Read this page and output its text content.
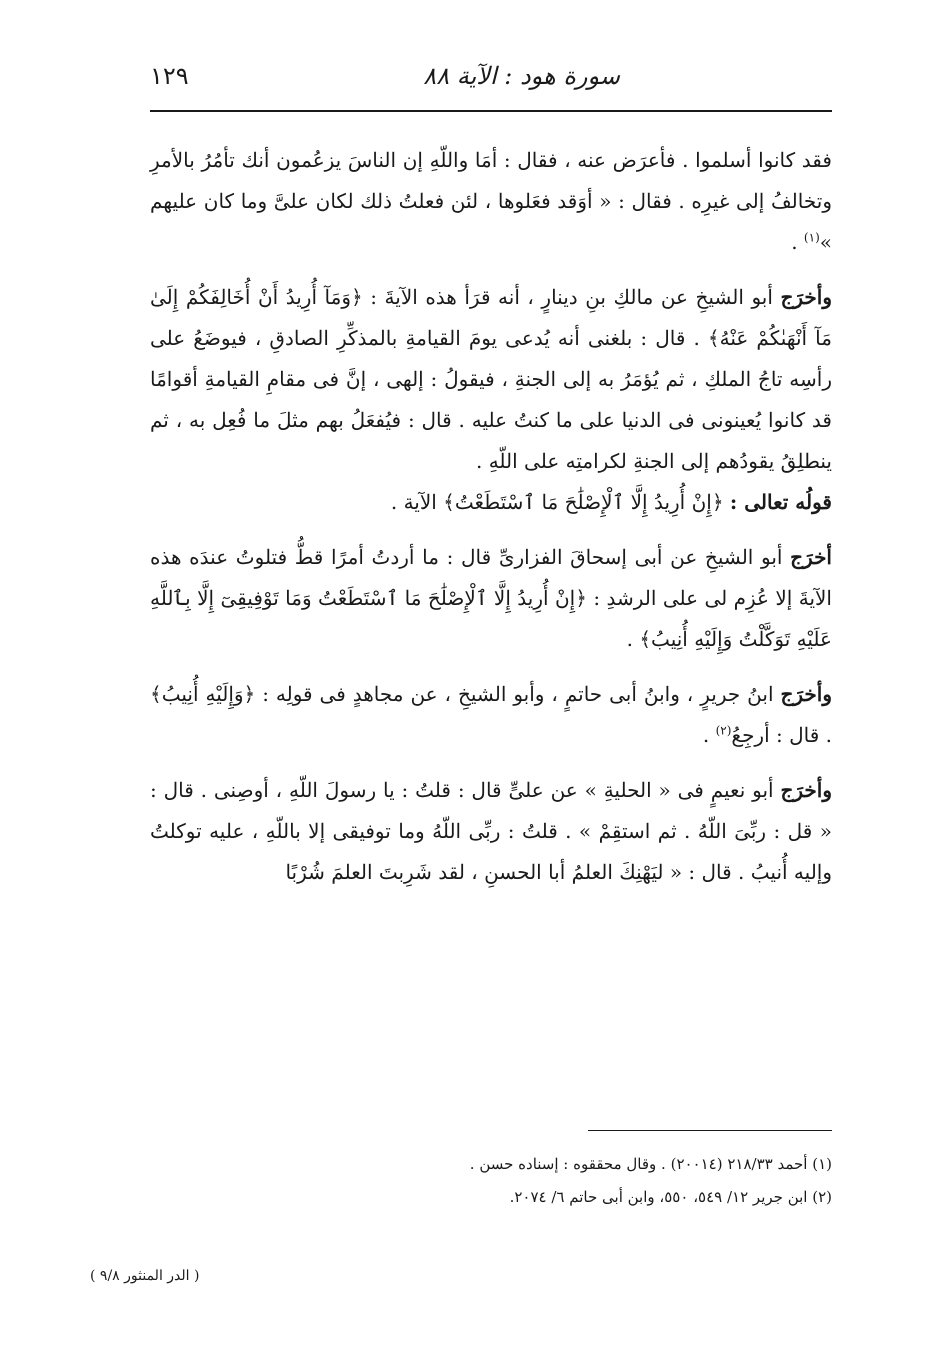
سورة هود : الآية ٨٨
١٢٩
فقد كانوا أسلموا . فأعرَض عنه ، فقال : أمَا واللّهِ إن الناسَ يزعُمون أنك تأمُرُ بالأمرِ وتخالفُ إلى غيرِه . فقال : « أوَقد فعَلوها ، لئن فعلتُ ذلك لكان علىَّ وما كان عليهم »$^{(١)}$ .
وأخرَج أبو الشيخِ عن مالكِ بنِ دينارٍ ، أنه قرَأ هذه الآيةَ : ﴿وَمَآ أُرِيدُ أَنْ أُخَالِفَكُمْ إِلَىٰ مَآ أَنْهَىٰكُمْ عَنْهُ﴾ . قال : بلغنى أنه يُدعى يومَ القيامةِ بالمذكِّرِ الصادقِ ، فيوضَعُ على رأسِه تاجُ الملكِ ، ثم يُؤمَرُ به إلى الجنةِ ، فيقولُ : إلهى ، إنَّ فى مقامِ القيامةِ أقوامًا قد كانوا يُعينونى فى الدنيا على ما كنتُ عليه . قال : فيُفعَلُ بهم مثلَ ما فُعِل به ، ثم ينطلِقُ يقودُهم إلى الجنةِ لكرامتِه على اللّهِ .
قولُه تعالى : ﴿إِنْ أُرِيدُ إِلَّا ٱلْإِصْلَٰحَ مَا ٱسْتَطَعْتُ﴾ الآية .
أخرَج أبو الشيخِ عن أبى إسحاقَ الفزارىِّ قال : ما أردتُ أمرًا قطُّ فتلوتُ عندَه هذه الآيةَ إلا عُزِم لى على الرشدِ : ﴿إِنْ أُرِيدُ إِلَّا ٱلْإِصْلَٰحَ مَا ٱسْتَطَعْتُ وَمَا تَوْفِيقِىٓ إِلَّا بِٱللَّهِ عَلَيْهِ تَوَكَّلْتُ وَإِلَيْهِ أُنِيبُ﴾ .
وأخرَج ابنُ جريرٍ ، وابنُ أبى حاتمٍ ، وأبو الشيخِ ، عن مجاهدٍ فى قولِه : ﴿وَإِلَيْهِ أُنِيبُ﴾ . قال : أرجِعُ$^{(٢)}$ .
وأخرَج أبو نعيمٍ فى « الحليةِ » عن علىٍّ قال : قلتُ : يا رسولَ اللّهِ ، أوصِنى . قال : « قل : ربِّىَ اللّهُ . ثم استقِمْ » . قلتُ : ربِّى اللّهُ وما توفيقى إلا باللّهِ ، عليه توكلتُ وإليه أُنيبُ . قال : « ليَهْنِكَ العلمُ أبا الحسنِ ، لقد شَرِبتَ العلمَ شُرْبًا

(١) أحمد ٢١٨/٣٣ (٢٠٠١٤) . وقال محققوه : إسناده حسن .

(٢) ابن جرير ١٢/ ٥٤٩، ٥٥٠، وابن أبى حاتم ٦/ ٢٠٧٤.

( الدر المنثور ٩/٨ )
